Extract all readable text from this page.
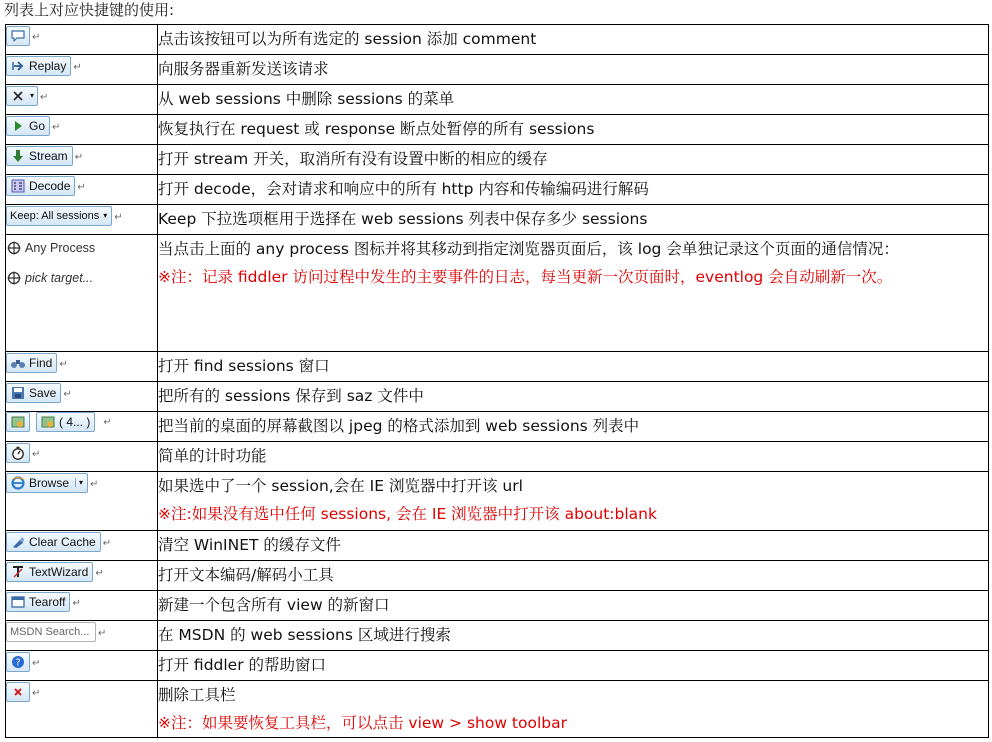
列表上对应快捷键的使用:
↵	点击该按钮可以为所有选定的 session 添加 comment

Replay ↵	向服务器重新发送该请求

▾ ↵	从 web sessions 中删除 sessions 的菜单

Go ↵	恢复执行在 request 或 response 断点处暂停的所有 sessions

Stream ↵	打开 stream 开关，取消所有没有设置中断的相应的缓存

Decode ↵	打开 decode，会对请求和响应中的所有 http 内容和传输编码进行解码

Keep: All sessions ▾ ↵	Keep 下拉选项框用于选择在 web sessions 列表中保存多少 sessions

Any Process
pick target...	当点击上面的 any process 图标并将其移动到指定浏览器页面后，该 log 会单独记录这个页面的通信情况：
※注：记录 fiddler 访问过程中发生的主要事件的日志，每当更新一次页面时，eventlog 会自动刷新一次。

Find ↵	打开 find sessions 窗口

Save ↵	把所有的 sessions 保存到 saz 文件中

( 4... ) ↵	把当前的桌面的屏幕截图以 jpeg 的格式添加到 web sessions 列表中

↵	简单的计时功能

Browse ▾ ↵	如果选中了一个 session,会在 IE 浏览器中打开该 url
※注:如果没有选中任何 sessions, 会在 IE 浏览器中打开该 about:blank

Clear Cache ↵	清空 WinINET 的缓存文件

TextWizard ↵	打开文本编码/解码小工具

Tearoff ↵	新建一个包含所有 view 的新窗口

MSDN Search... ↵	在 MSDN 的 web sessions 区域进行搜索

? ↵	打开 fiddler 的帮助窗口

↵	删除工具栏
※注：如果要恢复工具栏，可以点击 view > show toolbar
